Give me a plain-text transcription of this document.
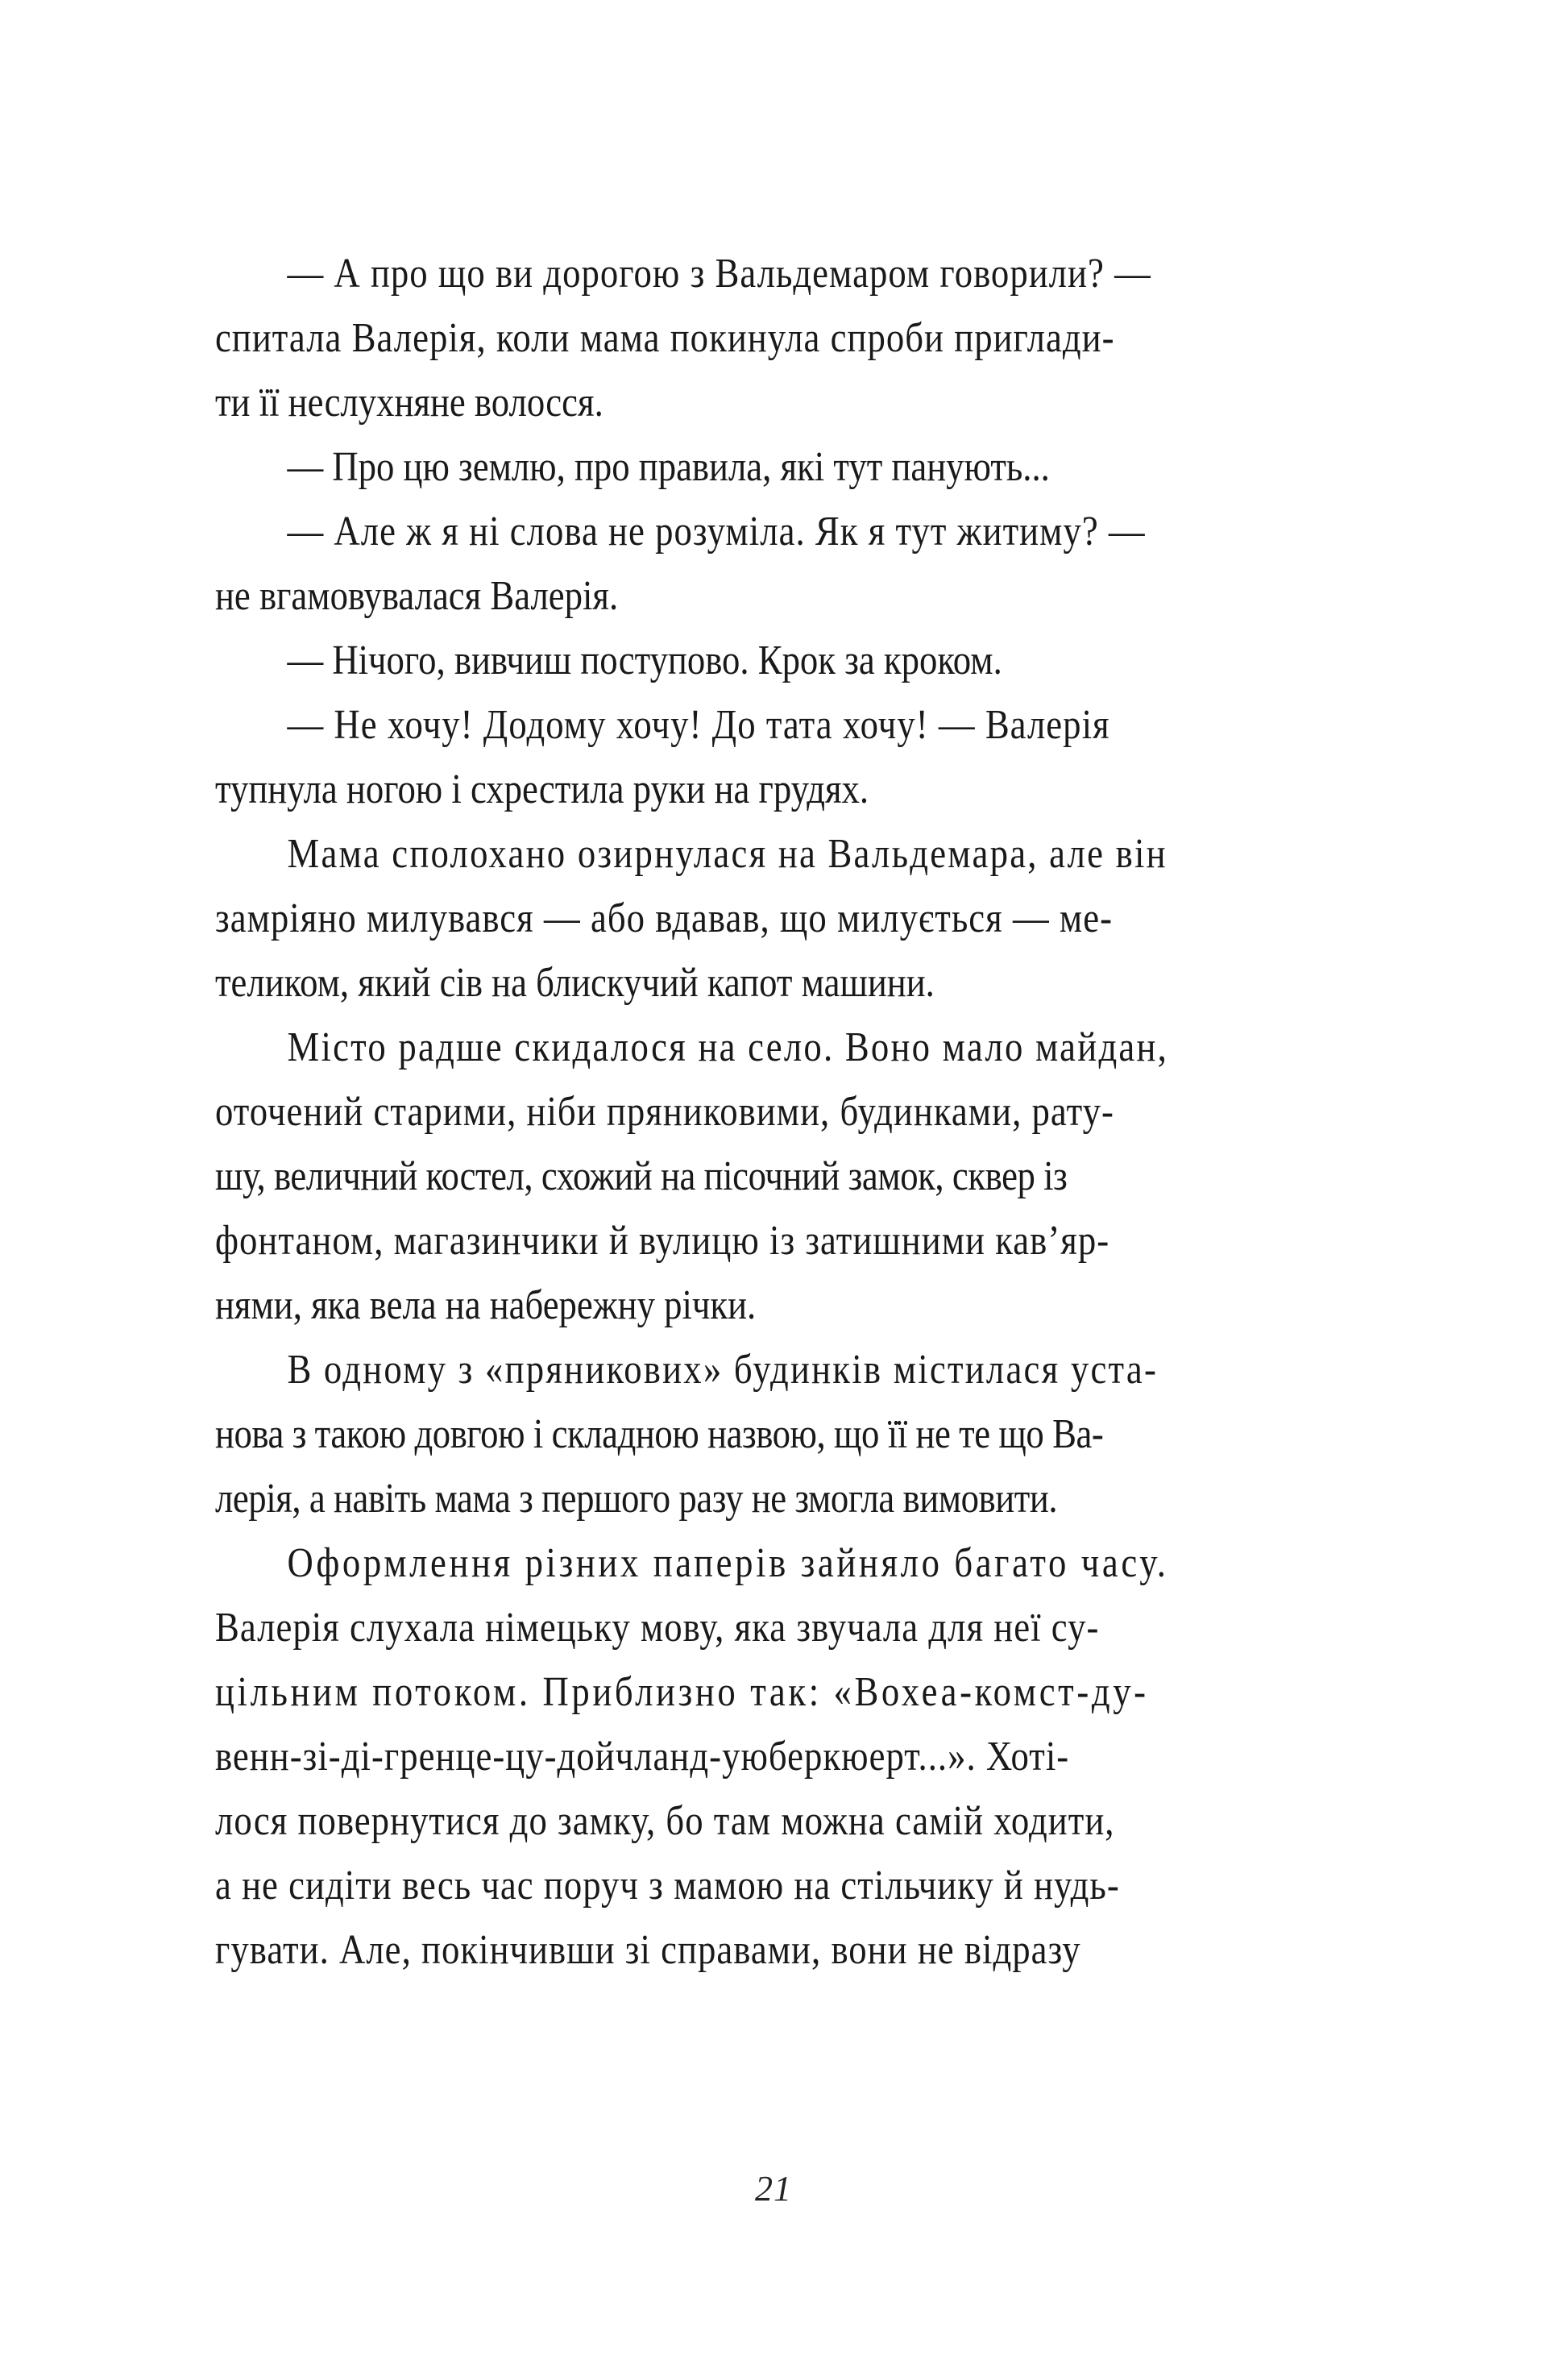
— А про що ви дорогою з Вальдемаром говорили? —
спитала Валерія, коли мама покинула спроби приглади-
ти її неслухняне волосся.

— Про цю землю, про правила, які тут панують...

— Але ж я ні слова не розуміла. Як я тут житиму? —
не вгамовувалася Валерія.

— Нічого, вивчиш поступово. Крок за кроком.

— Не хочу! Додому хочу! До тата хочу! — Валерія
тупнула ногою і схрестила руки на грудях.

Мама сполохано озирнулася на Вальдемара, але він
замріяно милувався — або вдавав, що милується — ме-
теликом, який сів на блискучий капот машини.

Місто радше скидалося на село. Воно мало майдан,
оточений старими, ніби пряниковими, будинками, рату-
шу, величний костел, схожий на пісочний замок, сквер із
фонтаном, магазинчики й вулицю із затишними кав’яр-
нями, яка вела на набережну річки.

В одному з «пряникових» будинків містилася уста-
нова з такою довгою і складною назвою, що її не те що Ва-
лерія, а навіть мама з першого разу не змогла вимовити.

Оформлення різних паперів зайняло багато часу.
Валерія слухала німецьку мову, яка звучала для неї су-
цільним потоком. Приблизно так: «Вохеа-комст-ду-
венн-зі-ді-гренце-цу-дойчланд-уюберкюерт...». Хоті-
лося повернутися до замку, бо там можна самій ходити,
а не сидіти весь час поруч з мамою на стільчику й нудь-
гувати. Але, покінчивши зі справами, вони не відразу

21
